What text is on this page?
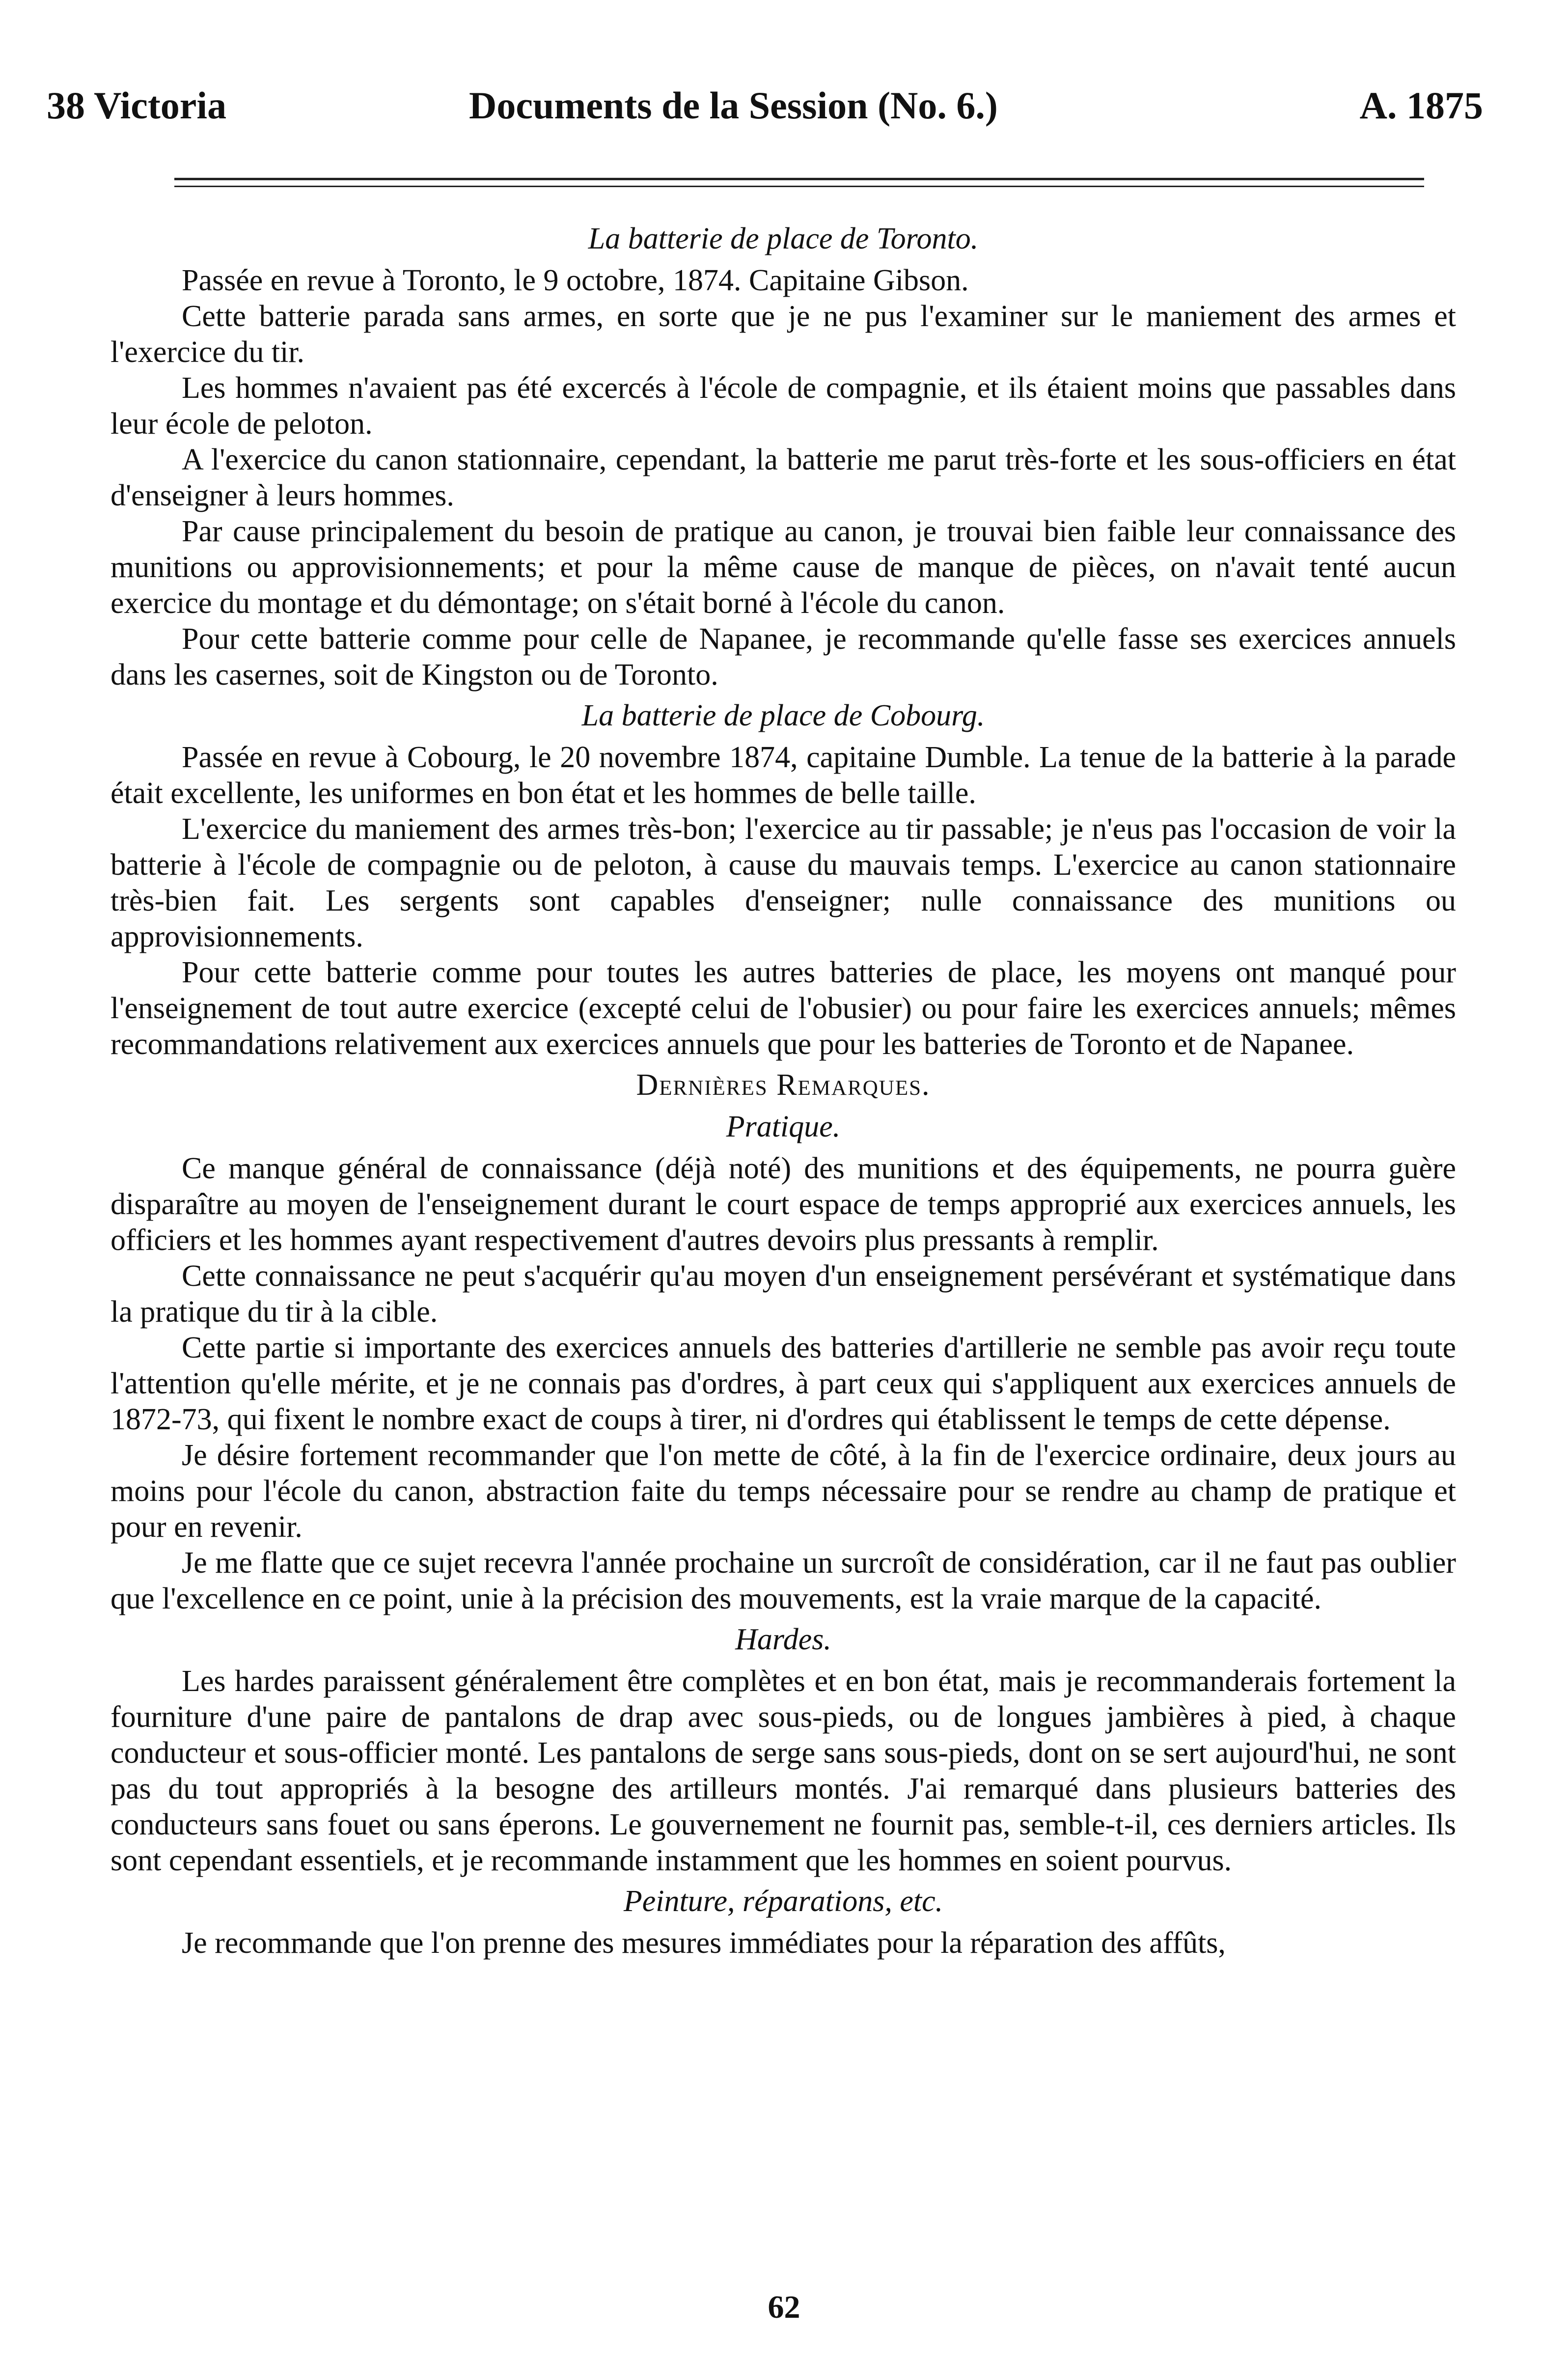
38 Victoria	Documents de la Session (No. 6.)	A. 1875
La batterie de place de Toronto.

Passée en revue à Toronto, le 9 octobre, 1874. Capitaine Gibson.

Cette batterie parada sans armes, en sorte que je ne pus l'examiner sur le maniement des armes et l'exercice du tir.

Les hommes n'avaient pas été excercés à l'école de compagnie, et ils étaient moins que passables dans leur école de peloton.

A l'exercice du canon stationnaire, cependant, la batterie me parut très-forte et les sous-officiers en état d'enseigner à leurs hommes.

Par cause principalement du besoin de pratique au canon, je trouvai bien faible leur connaissance des munitions ou approvisionnements; et pour la même cause de manque de pièces, on n'avait tenté aucun exercice du montage et du démontage; on s'était borné à l'école du canon.

Pour cette batterie comme pour celle de Napanee, je recommande qu'elle fasse ses exercices annuels dans les casernes, soit de Kingston ou de Toronto.

La batterie de place de Cobourg.

Passée en revue à Cobourg, le 20 novembre 1874, capitaine Dumble. La tenue de la batterie à la parade était excellente, les uniformes en bon état et les hommes de belle taille.

L'exercice du maniement des armes très-bon; l'exercice au tir passable; je n'eus pas l'occasion de voir la batterie à l'école de compagnie ou de peloton, à cause du mauvais temps. L'exercice au canon stationnaire très-bien fait. Les sergents sont capables d'enseigner; nulle connaissance des munitions ou approvisionnements.

Pour cette batterie comme pour toutes les autres batteries de place, les moyens ont manqué pour l'enseignement de tout autre exercice (excepté celui de l'obusier) ou pour faire les exercices annuels; mêmes recommandations relativement aux exercices annuels que pour les batteries de Toronto et de Napanee.

Dernières Remarques.
Pratique.

Ce manque général de connaissance (déjà noté) des munitions et des équipements, ne pourra guère disparaître au moyen de l'enseignement durant le court espace de temps approprié aux exercices annuels, les officiers et les hommes ayant respectivement d'autres devoirs plus pressants à remplir.

Cette connaissance ne peut s'acquérir qu'au moyen d'un enseignement persévérant et systématique dans la pratique du tir à la cible.

Cette partie si importante des exercices annuels des batteries d'artillerie ne semble pas avoir reçu toute l'attention qu'elle mérite, et je ne connais pas d'ordres, à part ceux qui s'appliquent aux exercices annuels de 1872-73, qui fixent le nombre exact de coups à tirer, ni d'ordres qui établissent le temps de cette dépense.

Je désire fortement recommander que l'on mette de côté, à la fin de l'exercice ordinaire, deux jours au moins pour l'école du canon, abstraction faite du temps nécessaire pour se rendre au champ de pratique et pour en revenir.

Je me flatte que ce sujet recevra l'année prochaine un surcroît de considération, car il ne faut pas oublier que l'excellence en ce point, unie à la précision des mouvements, est la vraie marque de la capacité.

Hardes.

Les hardes paraissent généralement être complètes et en bon état, mais je recommanderais fortement la fourniture d'une paire de pantalons de drap avec sous-pieds, ou de longues jambières à pied, à chaque conducteur et sous-officier monté. Les pantalons de serge sans sous-pieds, dont on se sert aujourd'hui, ne sont pas du tout appropriés à la besogne des artilleurs montés. J'ai remarqué dans plusieurs batteries des conducteurs sans fouet ou sans éperons. Le gouvernement ne fournit pas, semble-t-il, ces derniers articles. Ils sont cependant essentiels, et je recommande instamment que les hommes en soient pourvus.

Peinture, réparations, etc.

Je recommande que l'on prenne des mesures immédiates pour la réparation des affûts,

62
